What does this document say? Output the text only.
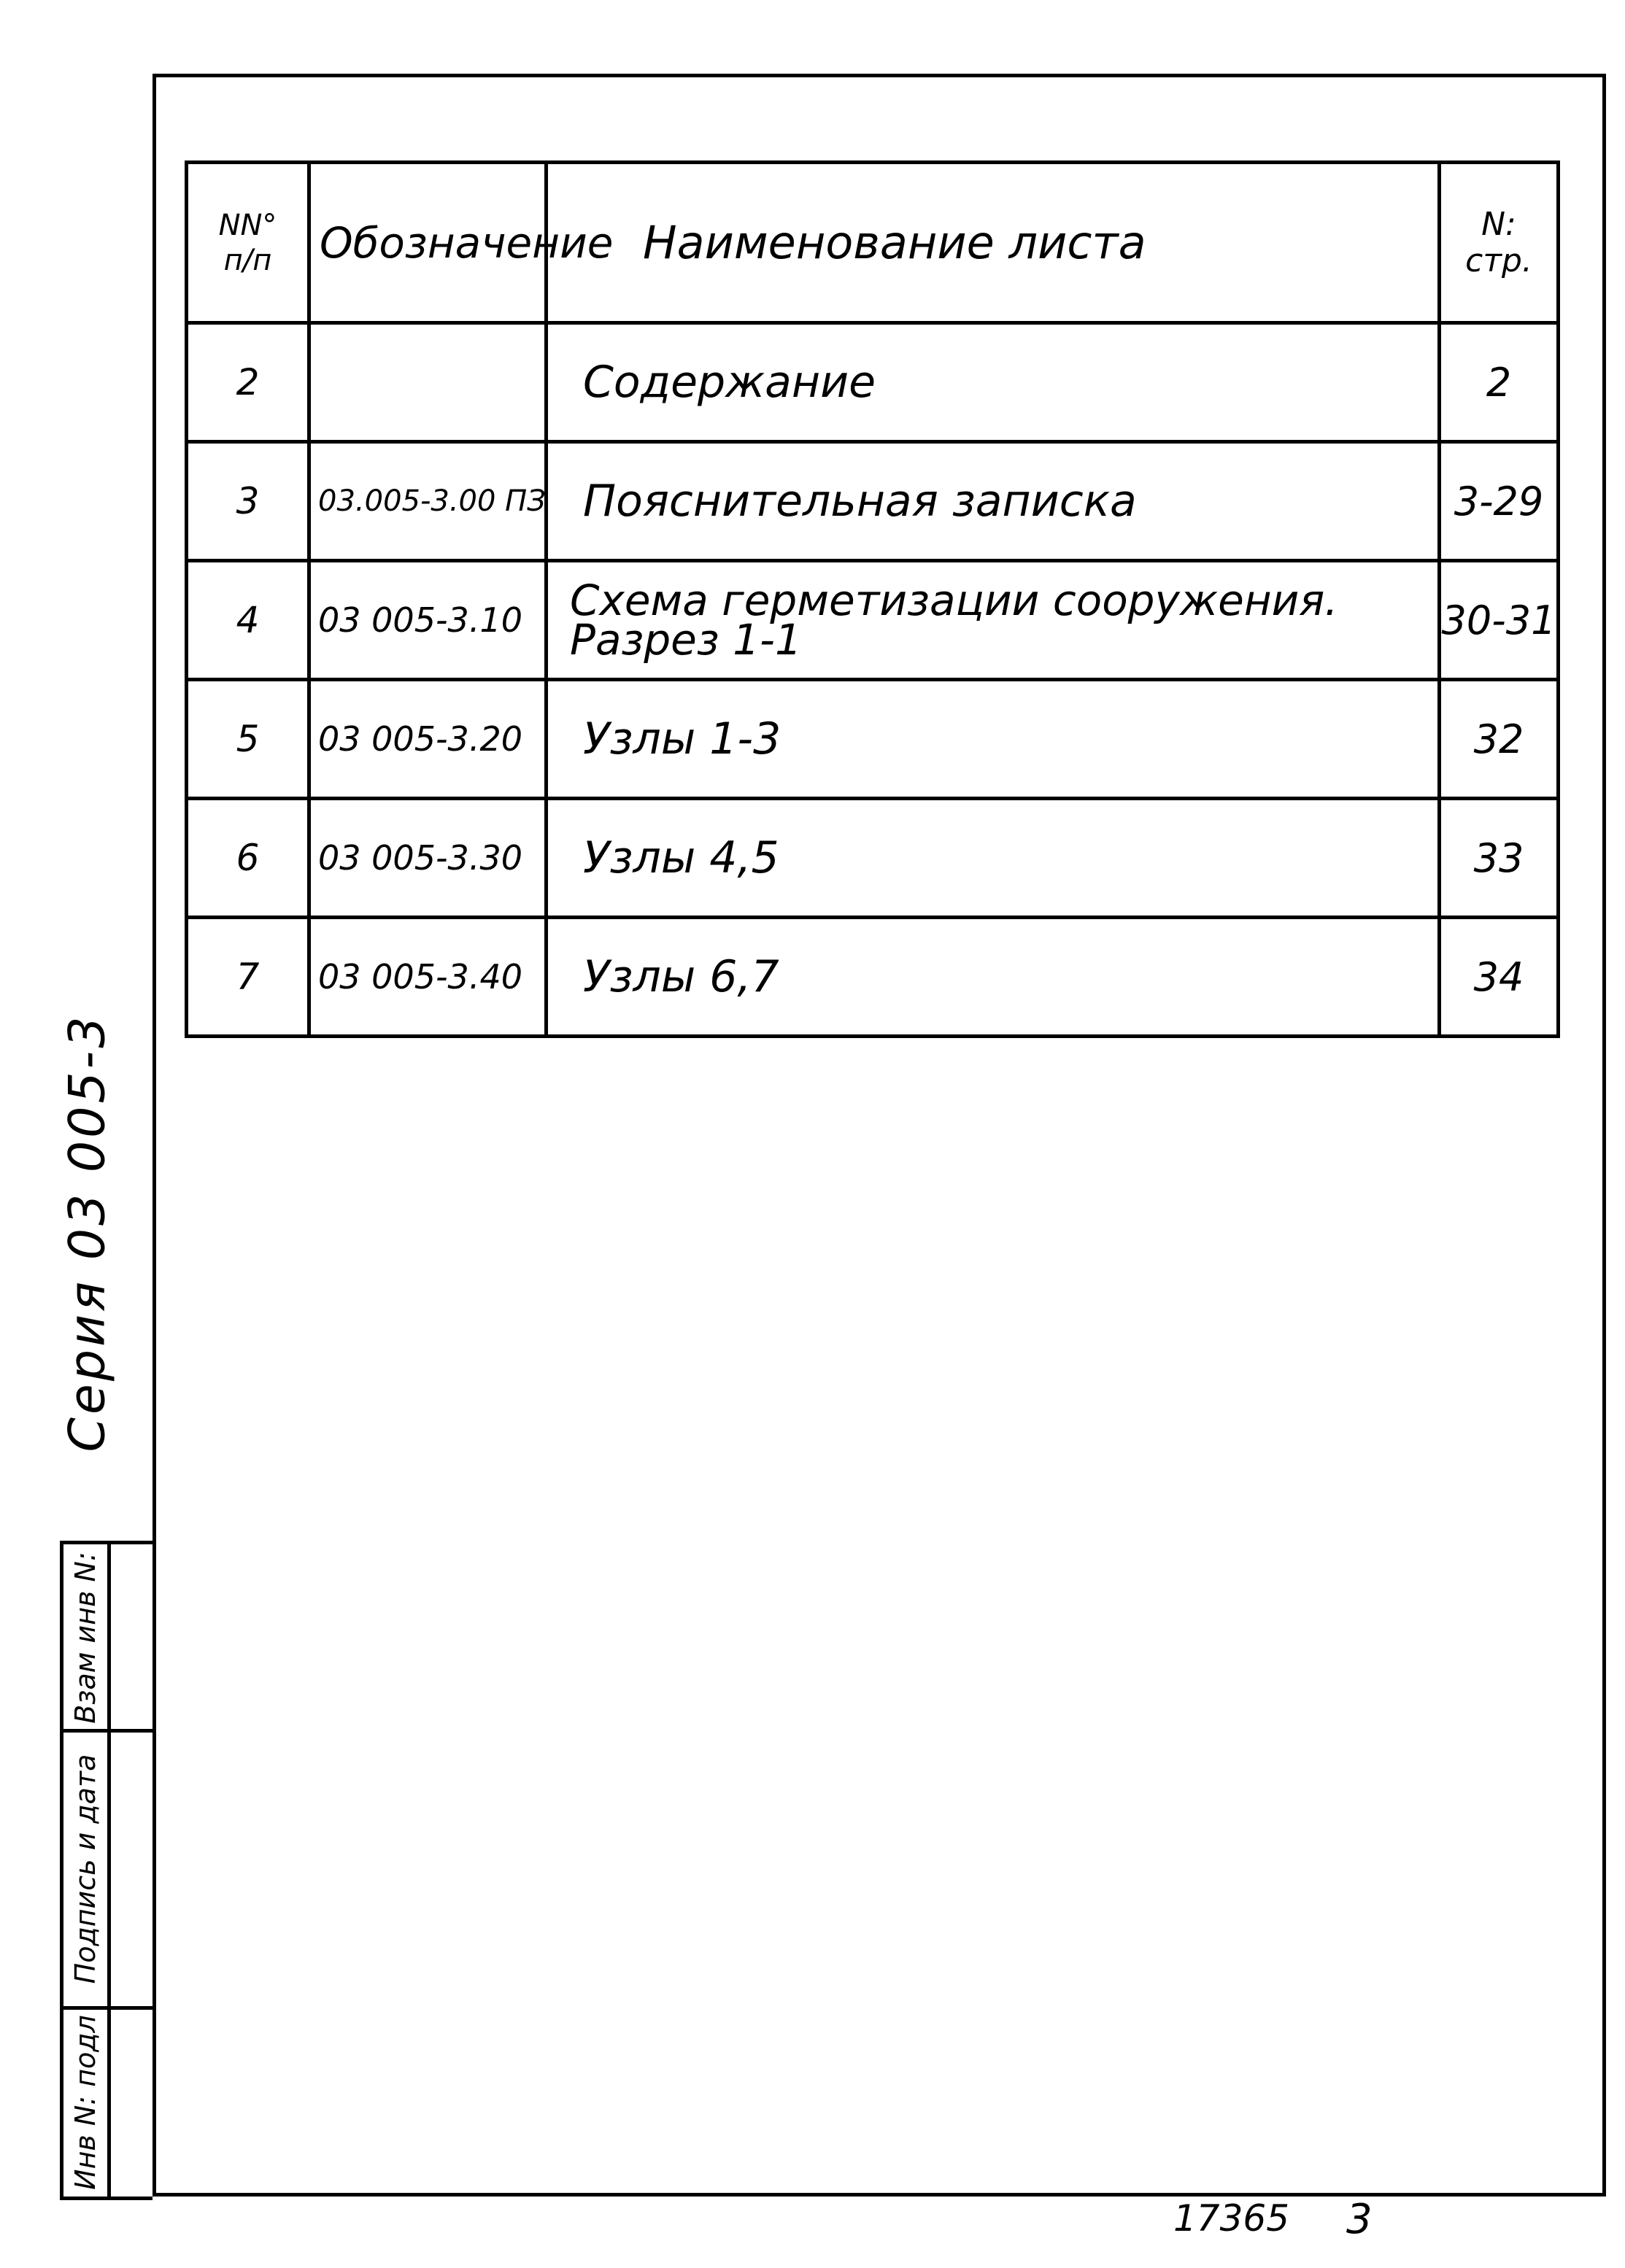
NN°
п/п	Обозначение	Наименование листа	N:
стр.

2		Содержание	2

3	03.005-3.00 ПЗ	Пояснительная записка	3-29

4	03 005-3.10	Схема герметизации сооружения.
Разрез 1-1	30-31

5	03 005-3.20	Узлы 1-3	32

6	03 005-3.30	Узлы 4,5	33

7	03 005-3.40	Узлы 6,7	34
Серия 03 005-3
Взам инв N:
Подпись и дата
Инв N: подл
17365 3
